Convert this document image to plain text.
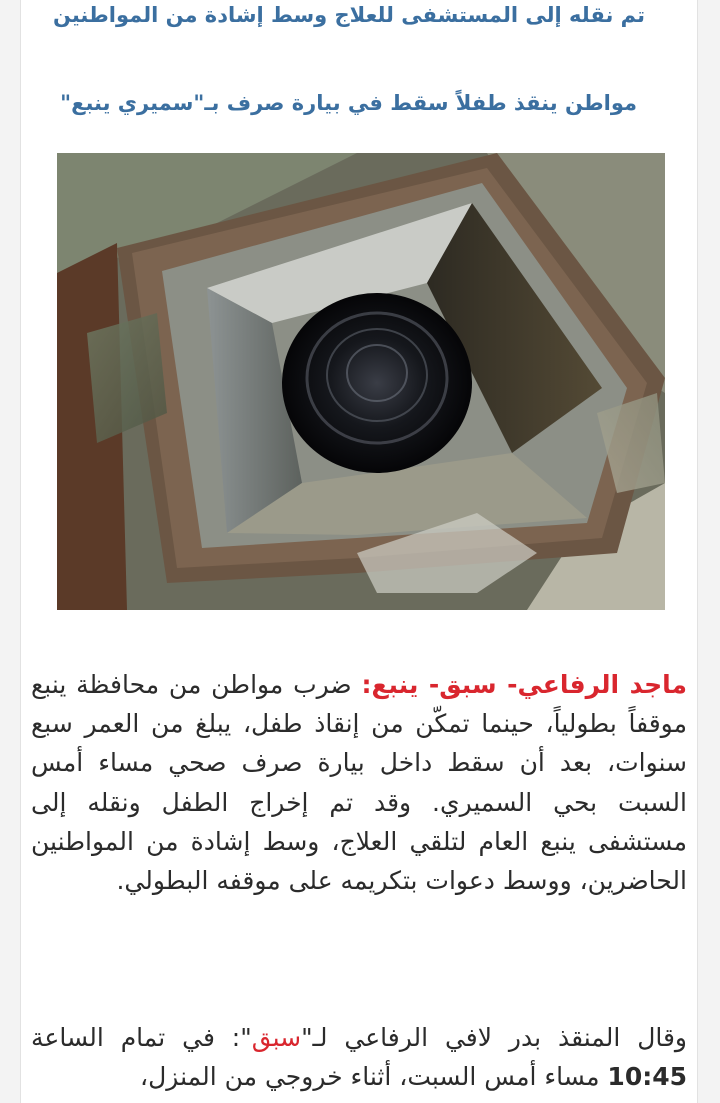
تم نقله إلى المستشفى للعلاج وسط إشادة من المواطنين
مواطن ينقذ طفلاً سقط في بيارة صرف بـ"سميري ينبع"
ماجد الرفاعي- سبق- ينبع: ضرب مواطن من محافظة ينبع موقفاً بطولياً، حينما تمكّن من إنقاذ طفل، يبلغ من العمر سبع سنوات، بعد أن سقط داخل بيارة صرف صحي مساء أمس السبت بحي السميري. وقد تم إخراج الطفل ونقله إلى مستشفى ينبع العام لتلقي العلاج، وسط إشادة من المواطنين الحاضرين، ووسط دعوات بتكريمه على موقفه البطولي.
وقال المنقذ بدر لافي الرفاعي لـ"سبق": في تمام الساعة 10:45 مساء أمس السبت، أثناء خروجي من المنزل،
